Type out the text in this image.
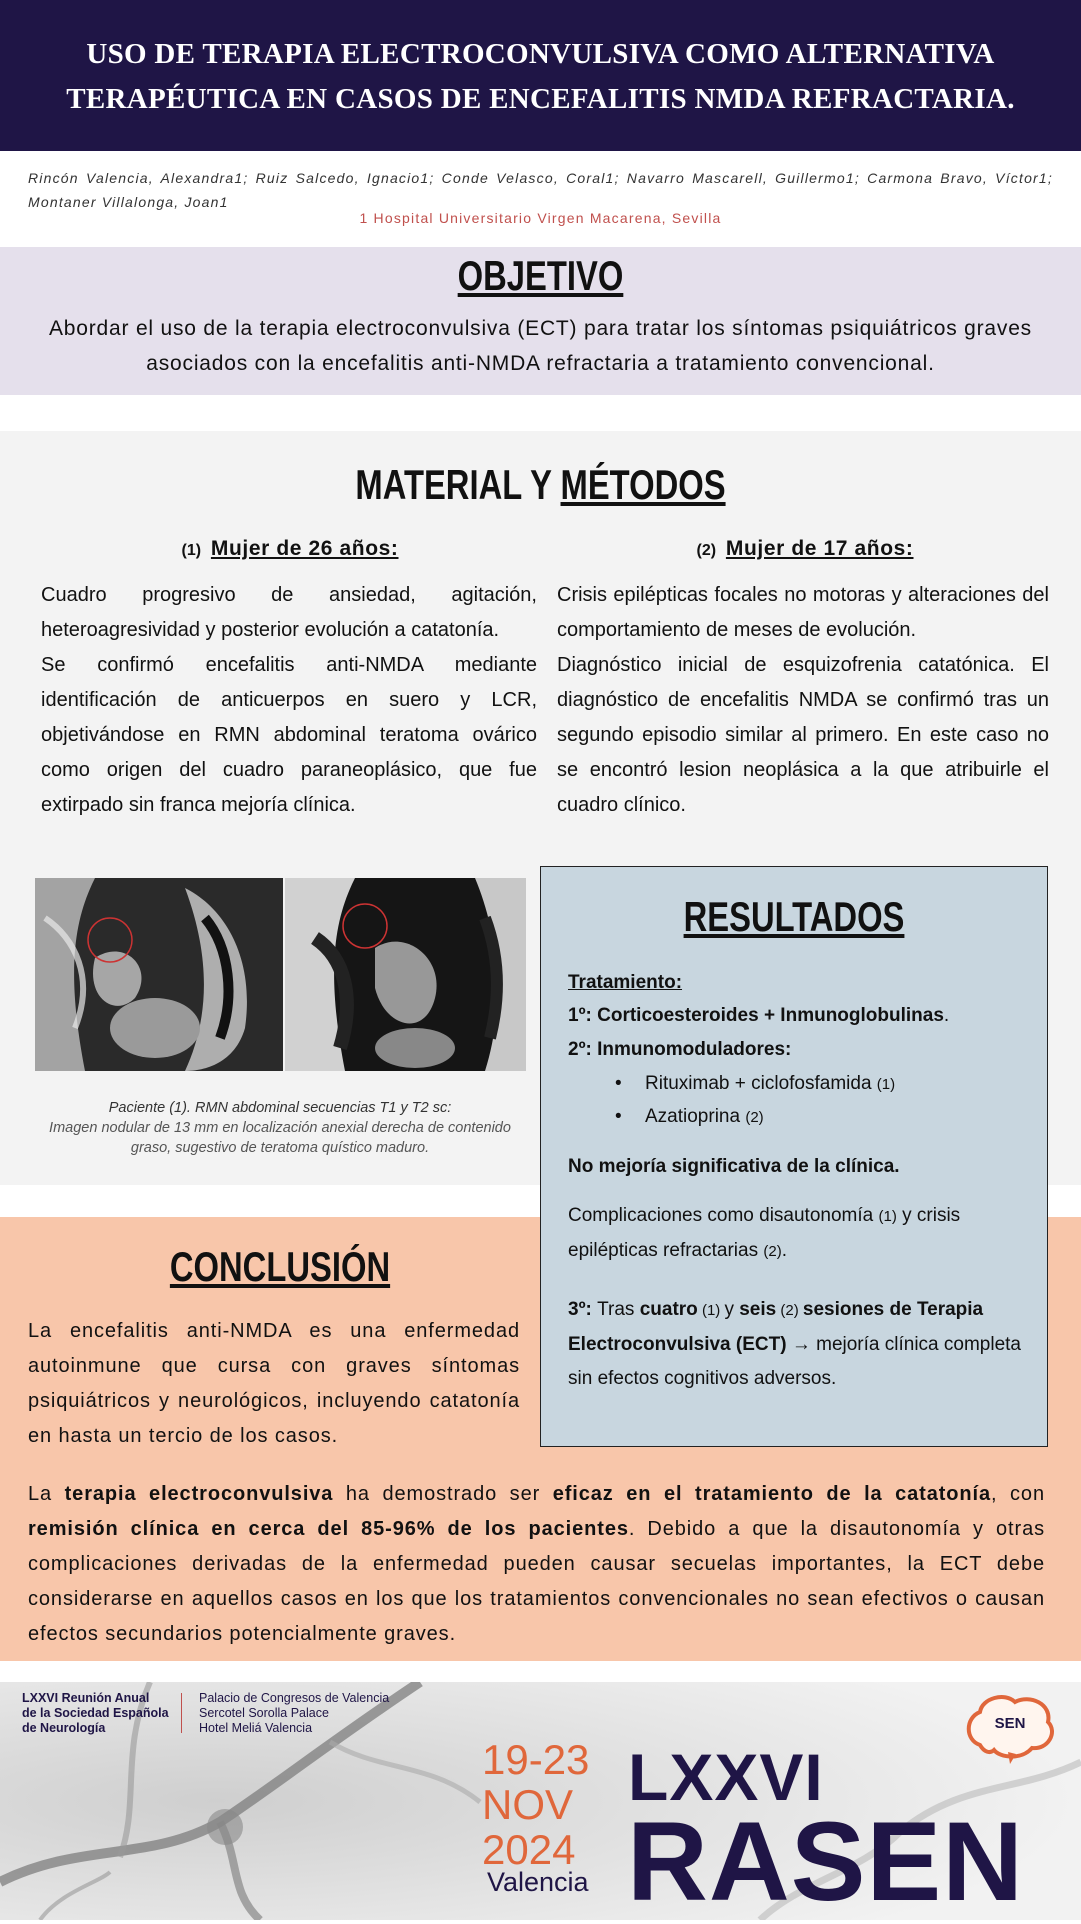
USO DE TERAPIA ELECTROCONVULSIVA COMO ALTERNATIVA
TERAPÉUTICA EN CASOS DE ENCEFALITIS NMDA REFRACTARIA.
Rincón Valencia, Alexandra1; Ruiz Salcedo, Ignacio1; Conde Velasco, Coral1; Navarro Mascarell, Guillermo1; Carmona Bravo, Víctor1; Montaner Villalonga, Joan1
1 Hospital Universitario Virgen Macarena, Sevilla
OBJETIVO
Abordar el uso de la terapia electroconvulsiva (ECT) para tratar los síntomas psiquiátricos graves asociados con la encefalitis anti-NMDA refractaria a tratamiento convencional.
MATERIAL Y MÉTODOS
(1) Mujer de 26 años:	(2) Mujer de 17 años:

Cuadro progresivo de ansiedad, agitación, heteroagresividad y posterior evolución a catatonía.

Se confirmó encefalitis anti-NMDA mediante identificación de anticuerpos en suero y LCR, objetivándose en RMN abdominal teratoma ovárico como origen del cuadro paraneoplásico, que fue extirpado sin franca mejoría clínica.

Crisis epilépticas focales no motoras y alteraciones del comportamiento de meses de evolución.

Diagnóstico inicial de esquizofrenia catatónica. El diagnóstico de encefalitis NMDA se confirmó tras un segundo episodio similar al primero. En este caso no se encontró lesion neoplásica a la que atribuirle el cuadro clínico.

Paciente (1). RMN abdominal secuencias T1 y T2 sc:
Imagen nodular de 13 mm en localización anexial derecha de contenido graso, sugestivo de teratoma quístico maduro.
CONCLUSIÓN
La encefalitis anti-NMDA es una enfermedad autoinmune que cursa con graves síntomas psiquiátricos y neurológicos, incluyendo catatonía en hasta un tercio de los casos.
La terapia electroconvulsiva ha demostrado ser eficaz en el tratamiento de la catatonía, con remisión clínica en cerca del 85-96% de los pacientes. Debido a que la disautonomía y otras complicaciones derivadas de la enfermedad pueden causar secuelas importantes, la ECT debe considerarse en aquellos casos en los que los tratamientos convencionales no sean efectivos o causan efectos secundarios potencialmente graves.
RESULTADOS
Tratamiento:
1º: Corticoesteroides + Inmunoglobulinas.
2º: Inmunomoduladores:
• Rituximab + ciclofosfamida (1)
• Azatioprina (2)
No mejoría significativa de la clínica.
Complicaciones como disautonomía (1) y crisis epilépticas refractarias (2).
3º: Tras cuatro (1) y seis (2) sesiones de Terapia Electroconvulsiva (ECT) → mejoría clínica completa sin efectos cognitivos adversos.
LXXVI Reunión Anual
de la Sociedad Española
de Neurología
Palacio de Congresos de Valencia
Sercotel Sorolla Palace
Hotel Meliá Valencia
19-23
NOV
2024
Valencia
LXXVI
RASEN
SEN
